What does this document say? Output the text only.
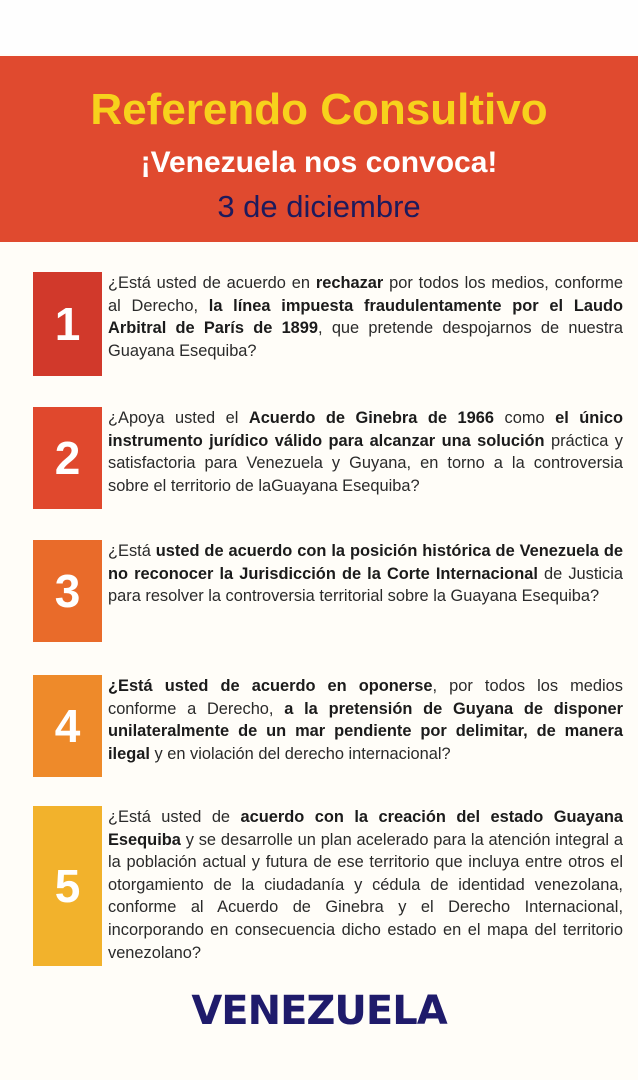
Referendo Consultivo
¡Venezuela nos convoca!
3 de diciembre
1
¿Está usted de acuerdo en rechazar por todos los medios, conforme al Derecho, la línea impuesta fraudulentamente por el Laudo Arbitral de París de 1899, que pretende despojarnos de nuestra Guayana Esequiba?
2
¿Apoya usted el Acuerdo de Ginebra de 1966 como el único instrumento jurídico válido para alcanzar una solución práctica y satisfactoria para Venezuela y Guyana, en torno a la controversia sobre el territorio de laGuayana Esequiba?
3
¿Está usted de acuerdo con la posición histórica de Venezuela de no reconocer la Jurisdicción de la Corte Internacional de Justicia para resolver la controversia territorial sobre la Guayana Esequiba?
4
¿Está usted de acuerdo en oponerse, por todos los medios conforme a Derecho, a la pretensión de Guyana de disponer unilateralmente de un mar pendiente por delimitar, de manera ilegal y en violación del derecho internacional?
5
¿Está usted de acuerdo con la creación del estado Guayana Esequiba y se desarrolle un plan acelerado para la atención integral a la población actual y futura de ese territorio que incluya entre otros el otorgamiento de la ciudadanía y cédula de identidad venezolana, conforme al Acuerdo de Ginebra y el Derecho Internacional, incorporando en consecuencia dicho estado en el mapa del territorio venezolano?
VENEZUELA
